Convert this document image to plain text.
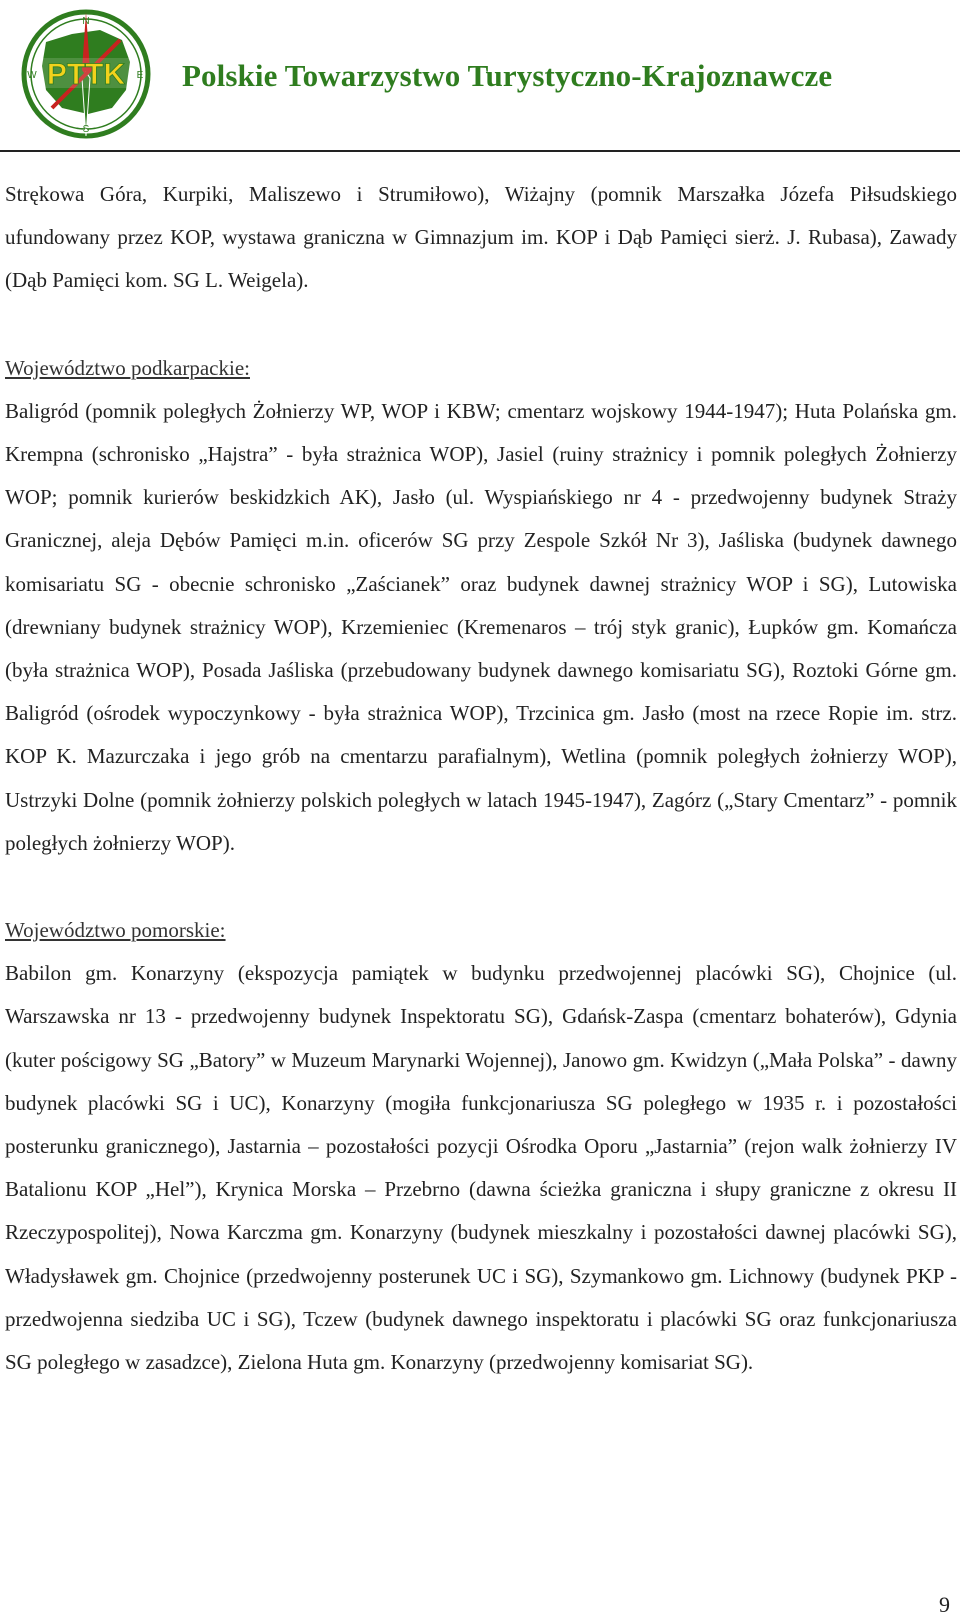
PTTK
N
E
S
W	Polskie Towarzystwo Turystyczno-Krajoznawcze

Strękowa Góra, Kurpiki, Maliszewo i Strumiłowo), Wiżajny (pomnik Marszałka Józefa Piłsudskiego ufundowany przez KOP, wystawa graniczna w Gimnazjum im. KOP i Dąb Pamięci sierż. J. Rubasa), Zawady (Dąb Pamięci kom. SG L. Weigela).

Województwo podkarpackie:

Baligród (pomnik poległych Żołnierzy WP, WOP i KBW; cmentarz wojskowy 1944-1947); Huta Polańska gm. Krempna (schronisko „Hajstra” - była strażnica WOP), Jasiel (ruiny strażnicy i pomnik poległych Żołnierzy WOP; pomnik kurierów beskidzkich AK), Jasło (ul. Wyspiańskiego nr 4 - przedwojenny budynek Straży Granicznej, aleja Dębów Pamięci m.in. oficerów SG przy Zespole Szkół Nr 3), Jaśliska (budynek dawnego komisariatu SG - obecnie schronisko „Zaścianek” oraz budynek dawnej strażnicy WOP i SG), Lutowiska (drewniany budynek strażnicy WOP), Krzemieniec (Kremenaros – trój styk granic), Łupków gm. Komańcza (była strażnica WOP), Posada Jaśliska (przebudowany budynek dawnego komisariatu SG), Roztoki Górne gm. Baligród (ośrodek wypoczynkowy - była strażnica WOP), Trzcinica gm. Jasło (most na rzece Ropie im. strz. KOP K. Mazurczaka i jego grób na cmentarzu parafialnym), Wetlina (pomnik poległych żołnierzy WOP), Ustrzyki Dolne (pomnik żołnierzy polskich poległych w latach 1945-1947), Zagórz („Stary Cmentarz” - pomnik poległych żołnierzy WOP).

Województwo pomorskie:

Babilon gm. Konarzyny (ekspozycja pamiątek w budynku przedwojennej placówki SG), Chojnice (ul. Warszawska nr 13 - przedwojenny budynek Inspektoratu SG), Gdańsk-Zaspa (cmentarz bohaterów), Gdynia (kuter pościgowy SG „Batory” w Muzeum Marynarki Wojennej), Janowo gm. Kwidzyn („Mała Polska” - dawny budynek placówki SG i UC), Konarzyny (mogiła funkcjonariusza SG poległego w 1935 r. i pozostałości posterunku granicznego), Jastarnia – pozostałości pozycji Ośrodka Oporu „Jastarnia” (rejon walk żołnierzy IV Batalionu KOP „Hel”), Krynica Morska – Przebrno (dawna ścieżka graniczna i słupy graniczne z okresu II Rzeczypospolitej), Nowa Karczma gm. Konarzyny (budynek mieszkalny i pozostałości dawnej placówki SG), Władysławek gm. Chojnice (przedwojenny posterunek UC i SG), Szymankowo gm. Lichnowy (budynek PKP - przedwojenna siedziba UC i SG), Tczew (budynek dawnego inspektoratu i placówki SG oraz funkcjonariusza SG poległego w zasadzce), Zielona Huta gm. Konarzyny (przedwojenny komisariat SG).

9
